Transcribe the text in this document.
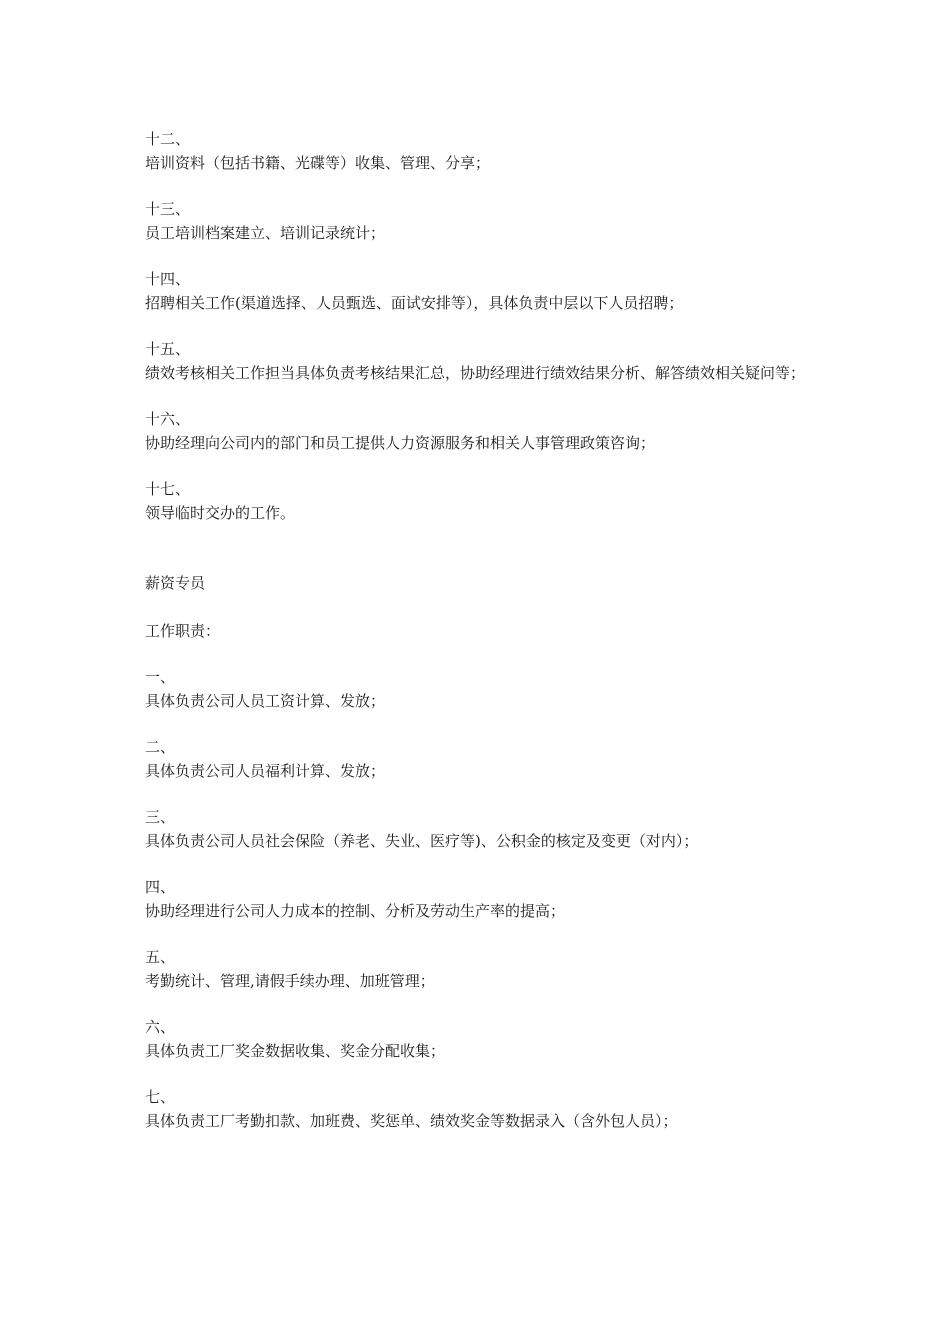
十二、

培训资料（包括书籍、光碟等）收集、管理、分享；

十三、

员工培训档案建立、培训记录统计；

十四、

招聘相关工作(渠道选择、人员甄选、面试安排等），具体负责中层以下人员招聘；

十五、

绩效考核相关工作担当具体负责考核结果汇总，协助经理进行绩效结果分析、解答绩效相关疑问等；

十六、

协助经理向公司内的部门和员工提供人力资源服务和相关人事管理政策咨询；

十七、

领导临时交办的工作。

薪资专员

工作职责：

一、

具体负责公司人员工资计算、发放；

二、

具体负责公司人员福利计算、发放；

三、

具体负责公司人员社会保险（养老、失业、医疗等)、公积金的核定及变更（对内）；

四、

协助经理进行公司人力成本的控制、分析及劳动生产率的提高；

五、

考勤统计、管理,请假手续办理、加班管理；

六、

具体负责工厂奖金数据收集、奖金分配收集；

七、

具体负责工厂考勤扣款、加班费、奖惩单、绩效奖金等数据录入（含外包人员）；
